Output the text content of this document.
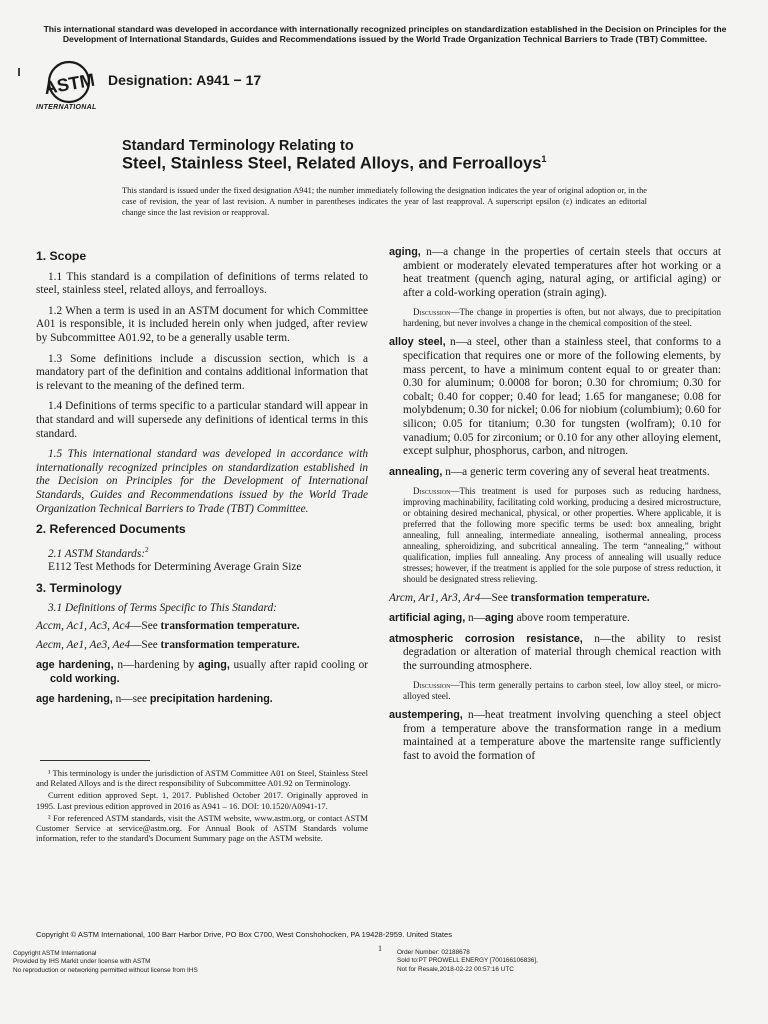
This international standard was developed in accordance with internationally recognized principles on standardization established in the Decision on Principles for the Development of International Standards, Guides and Recommendations issued by the World Trade Organization Technical Barriers to Trade (TBT) Committee.
ASTM
INTERNATIONAL
Designation: A941 − 17
Standard Terminology Relating to
Steel, Stainless Steel, Related Alloys, and Ferroalloys$^1$
This standard is issued under the fixed designation A941; the number immediately following the designation indicates the year of original adoption or, in the case of revision, the year of last revision. A number in parentheses indicates the year of last reapproval. A superscript epsilon (ε) indicates an editorial change since the last revision or reapproval.

1. Scope

1.1 This standard is a compilation of definitions of terms related to steel, stainless steel, related alloys, and ferroalloys.

1.2 When a term is used in an ASTM document for which Committee A01 is responsible, it is included herein only when judged, after review by Subcommittee A01.92, to be a generally usable term.

1.3 Some definitions include a discussion section, which is a mandatory part of the definition and contains additional information that is relevant to the meaning of the defined term.

1.4 Definitions of terms specific to a particular standard will appear in that standard and will supersede any definitions of identical terms in this standard.

1.5 This international standard was developed in accordance with internationally recognized principles on standardization established in the Decision on Principles for the Development of International Standards, Guides and Recommendations issued by the World Trade Organization Technical Barriers to Trade (TBT) Committee.

2. Referenced Documents

2.1 ASTM Standards:$^2$

E112 Test Methods for Determining Average Grain Size

3. Terminology

3.1 Definitions of Terms Specific to This Standard:

Accm, Ac1, Ac3, Ac4—See transformation temperature.

Aecm, Ae1, Ae3, Ae4—See transformation temperature.

age hardening, n—hardening by aging, usually after rapid cooling or cold working.

age hardening, n—see precipitation hardening.

¹ This terminology is under the jurisdiction of ASTM Committee A01 on Steel, Stainless Steel and Related Alloys and is the direct responsibility of Subcommittee A01.92 on Terminology.

Current edition approved Sept. 1, 2017. Published October 2017. Originally approved in 1995. Last previous edition approved in 2016 as A941 – 16. DOI: 10.1520/A0941-17.

² For referenced ASTM standards, visit the ASTM website, www.astm.org, or contact ASTM Customer Service at service@astm.org. For Annual Book of ASTM Standards volume information, refer to the standard's Document Summary page on the ASTM website.

aging, n—a change in the properties of certain steels that occurs at ambient or moderately elevated temperatures after hot working or a heat treatment (quench aging, natural aging, or artificial aging) or after a cold-working operation (strain aging).

Discussion—The change in properties is often, but not always, due to precipitation hardening, but never involves a change in the chemical composition of the steel.

alloy steel, n—a steel, other than a stainless steel, that conforms to a specification that requires one or more of the following elements, by mass percent, to have a minimum content equal to or greater than: 0.30 for aluminum; 0.0008 for boron; 0.30 for chromium; 0.30 for cobalt; 0.40 for copper; 0.40 for lead; 1.65 for manganese; 0.08 for molybdenum; 0.30 for nickel; 0.06 for niobium (columbium); 0.60 for silicon; 0.05 for titanium; 0.30 for tungsten (wolfram); 0.10 for vanadium; 0.05 for zirconium; or 0.10 for any other alloying element, except sulphur, phosphorus, carbon, and nitrogen.

annealing, n—a generic term covering any of several heat treatments.

Discussion—This treatment is used for purposes such as reducing hardness, improving machinability, facilitating cold working, producing a desired microstructure, or obtaining desired mechanical, physical, or other properties. Where applicable, it is preferred that the following more specific terms be used: box annealing, bright annealing, full annealing, intermediate annealing, isothermal annealing, process annealing, spheroidizing, and subcritical annealing. The term “annealing,” without qualification, implies full annealing. Any process of annealing will usually reduce stresses; however, if the treatment is applied for the sole purpose of stress reduction, it should be designated stress relieving.

Arcm, Ar1, Ar3, Ar4—See transformation temperature.

artificial aging, n—aging above room temperature.

atmospheric corrosion resistance, n—the ability to resist degradation or alteration of material through chemical reaction with the surrounding atmosphere.

Discussion—This term generally pertains to carbon steel, low alloy steel, or micro-alloyed steel.

austempering, n—heat treatment involving quenching a steel object from a temperature above the transformation range in a medium maintained at a temperature above the martensite range sufficiently fast to avoid the formation of

Copyright © ASTM International, 100 Barr Harbor Drive, PO Box C700, West Conshohocken, PA 19428-2959. United States
1
Copyright ASTM International
Provided by IHS Markit under license with ASTM
No reproduction or networking permitted without license from IHS
Order Number: 02188678
Sold to:PT PROWELL ENERGY [700166106836],
Not for Resale,2018-02-22 00:57:16 UTC
